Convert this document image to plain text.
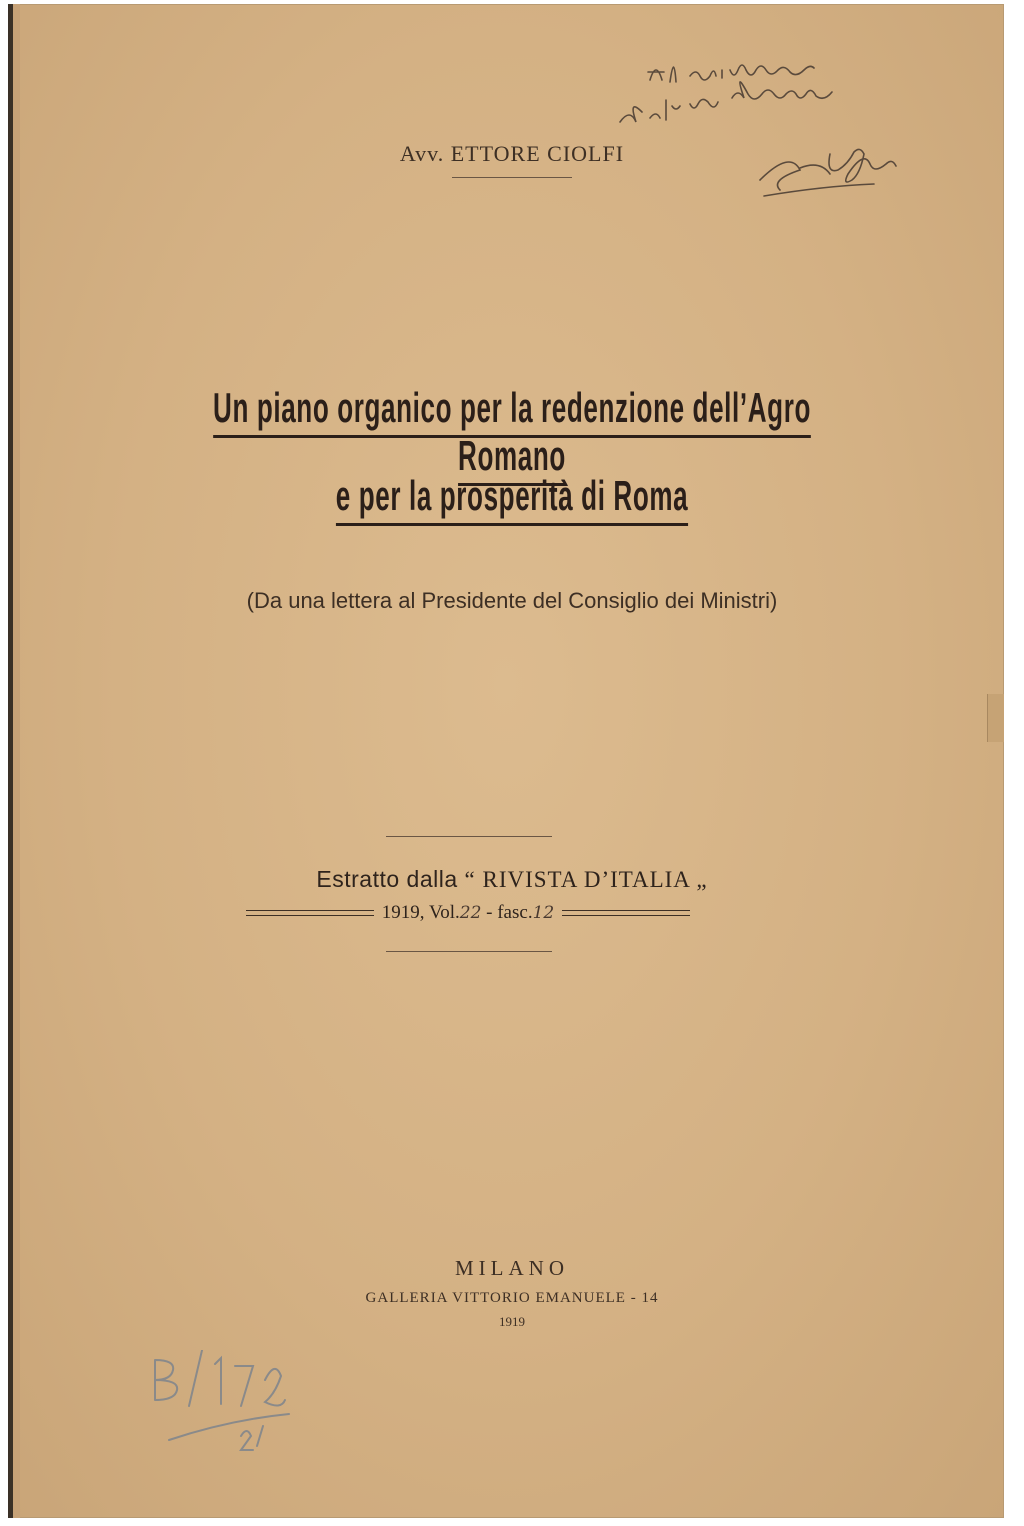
Avv. ETTORE CIOLFI
Un piano organico per la redenzione dell’Agro Romano
e per la prosperità di Roma
(Da una lettera al Presidente del Consiglio dei Ministri)
Estratto dalla “ RIVISTA D’ITALIA „
1919, Vol.22 - fasc.12
MILANO
GALLERIA VITTORIO EMANUELE - 14
1919
